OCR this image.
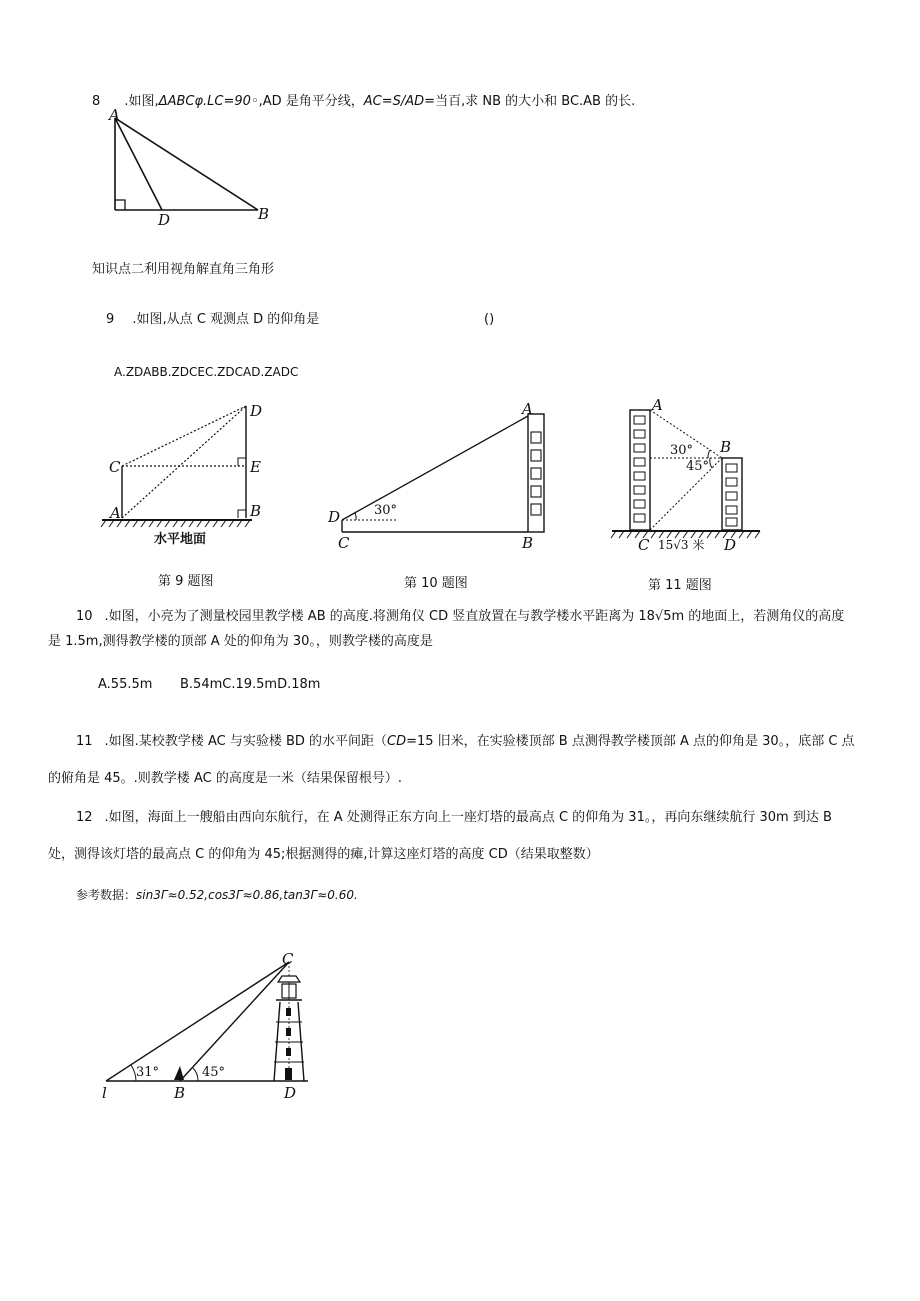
8 .如图,ΔABCφ.LC=90◦,AD 是角平分线，AC=S/AD=当百,求 NB 的大小和 BC.AB 的长.
A
D	B
知识点二利用视角解直角三角形
9 .如图,从点 C 观测点 D 的仰角是	()
A.ZDABB.ZDCEC.ZDCAD.ZADC
D
C	E
A	B
水平地面
第 9 题图
A
D
C	B
30°
第 10 题图
A
B
30°
45°
C 15√3 米 D
第 11 题图
10 .如图，小亮为了测量校园里教学楼 AB 的高度.将测角仪 CD 竖直放置在与教学楼水平距离为 18√5m 的地面上，若测角仪的高度
是 1.5m,测得教学楼的顶部 A 处的仰角为 30。，则教学楼的高度是
A.55.5m B.54mC.19.5mD.18m
11 .如图.某校教学楼 AC 与实验楼 BD 的水平间距（CD=15 旧米，在实验楼顶部 B 点测得教学楼顶部 A 点的仰角是 30。，底部 C 点
的俯角是 45。.则教学楼 AC 的高度是一米（结果保留根号）.
12 .如图，海面上一艘船由西向东航行，在 A 处测得正东方向上一座灯塔的最高点 C 的仰角为 31。，再向东继续航行 30m 到达 B
处，测得该灯塔的最高点 C 的仰角为 45;根据测得的瘫,计算这座灯塔的高度 CD（结果取整数）
参考数据：sin3Γ≈0.52,cos3Γ≈0.86,tan3Γ≈0.60.
C
l	B	D
31°	45°
